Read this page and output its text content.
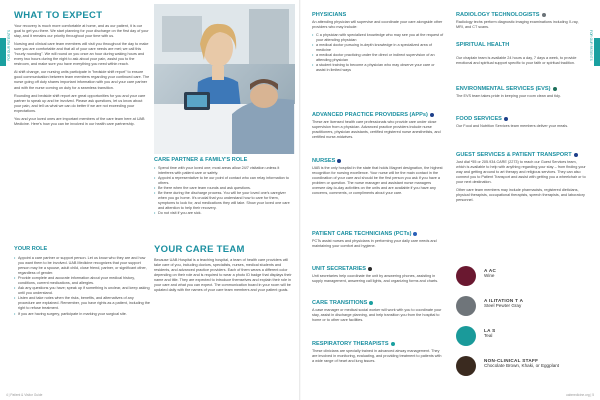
FOR OUR PATIENTS
WHAT TO EXPECT

Your recovery is much more comfortable at home, and as our patient, it is our goal to get you there. We start planning for your discharge on the first day of your stay, and it remains our priority throughout your time with us.

Nursing and clinical care team members will visit you throughout the day to make sure you are comfortable and that all of your care needs are met; we call this "hourly rounding". We will round on you once an hour during waking hours and every two hours during the night to ask about your pain, assist you to the restroom, and make sure you have everything you need within reach.

At shift change, our nursing units participate in "bedside shift report" to ensure good communication between team members regarding your continued care. The nurse going off duty shares important information with you and your care partner and with the nurse coming on duty for a seamless transition.

Rounding and bedside shift report are great opportunities for you and your care partner to speak up and be involved. Please ask questions, let us know about your pain, and tell us what we can do better if we are not exceeding your expectations.

You and your loved ones are important members of the care team here at UAB Medicine. Here's how you can be involved in our health care partnership.

YOUR ROLE
• Appoint a care partner or support person. Let us know who they are and how you want them to be involved. UAB Medicine recognizes that your support person may be a spouse, adult child, close friend, partner, or significant other, regardless of gender.
• Provide complete and accurate information about your medical history, conditions, current medications, and allergies.
• Ask any questions you have; speak up if something is unclear, and keep asking until you understand.
• Listen and take notes when the risks, benefits, and alternatives of any procedure are explained. Remember, you have rights as a patient, including the right to refuse treatment.
• If you are having surgery, participate in marking your surgical site.
CARE PARTNER & FAMILY'S ROLE
• Spend time with your loved one; most areas allow 24/7 visitation unless it interferes with patient care or safety.
• Appoint a representative to be our point of contact who can relay information to others.
• Be there when the care team rounds and ask questions.
• Be there during the discharge process. You will be your loved one's caregiver when you go home. It's crucial that you understand how to care for them, symptoms to look for, and medications they will take. Show your loved one care and attention to help their recovery.
• Do not visit if you are sick.
YOUR CARE TEAM
Because UAB Hospital is a teaching hospital, a team of health care providers will take care of you, including doctors, specialists, nurses, medical students and residents, and advanced practice providers. Each of them wears a different color depending on their role and is required to wear a photo ID badge that displays their name and title. They are expected to introduce themselves and explain their role in your care and what you can expect. The communication board in your room will be updated daily with the names of your care team members and your patient goals.
4 | Patient & Visitor Guide
PHYSICIANS

An attending physician will supervise and coordinate your care alongside other providers who may include:

• C a physician with specialized knowledge who may see you at the request of your attending physician
• a medical doctor pursuing in-depth knowledge in a specialized area of medicine
• a medical doctor practicing under the direct or indirect supervision of an attending physician
• a student training to become a physician who may observe your care or assist in limited ways
ADVANCED PRACTICE PROVIDERS (APPs)
These are licensed health care professionals who provide care under close supervision from a physician. Advanced practice providers include nurse practitioners, physician assistants, certified registered nurse anesthetists, and certified nurse-midwives.
NURSES
UAB is the only hospital in the state that holds Magnet designation, the highest recognition for nursing excellence. Your nurse will be the main contact in the coordination of your care and should be the first person you ask if you have a problem or question. The nurse manager and assistant nurse managers oversee day-to-day activities on the units and are available if you have any concerns, comments, or compliments about your care.
PATIENT CARE TECHNICIANS (PCTs)
PCTs assist nurses and physicians in performing your daily care needs and maintaining your comfort and hygiene.
UNIT SECRETARIES
Unit secretaries help coordinate the unit by answering phones, assisting in supply management, answering call lights, and organizing forms and charts.
CARE TRANSITIONS
A case manager or medical social worker will work with you to coordinate your stay, assist in discharge planning, and help transition you from the hospital to home or to other care facilities.
RESPIRATORY THERAPISTS
These clinicians are specially trained in advanced airway management. They are involved in monitoring, evaluating, and providing treatment to patients with a wide range of heart and lung issues.
RADIOLOGY TECHNOLOGISTS
Radiology techs perform diagnostic imaging examinations including X-ray, MRI, and CT scans.
SPIRITUAL HEALTH
Our chaplain team is available 24 hours a day, 7 days a week, to provide emotional and spiritual support specific to your faith or spiritual tradition.
ENVIRONMENTAL SERVICES (EVS)
The EVS team takes pride in keeping your room clean and tidy.
FOOD SERVICES
Our Food and Nutrition Services team members deliver your meals.
GUEST SERVICES & PATIENT TRANSPORT

Just dial *55 or 205.934.CARE (2273) to reach our Guest Services team, which is available to help with anything regarding your stay – from finding your way and getting around to art therapy and religious services. They can also connect you to Patient Transport and assist with getting you a wheelchair or to your next destination.

Other care team members may include pharmacists, registered dieticians, physical therapists, occupational therapists, speech therapists, and laboratory personnel.

A AC
Wine
A ILITATION T A
Steel Pewter Gray
LA S
Teal
NON-CLINICAL STAFF
Chocolate Brown, Khaki, or Eggplant
FOR OUR PATIENTS
uabmedicine.org | 5
